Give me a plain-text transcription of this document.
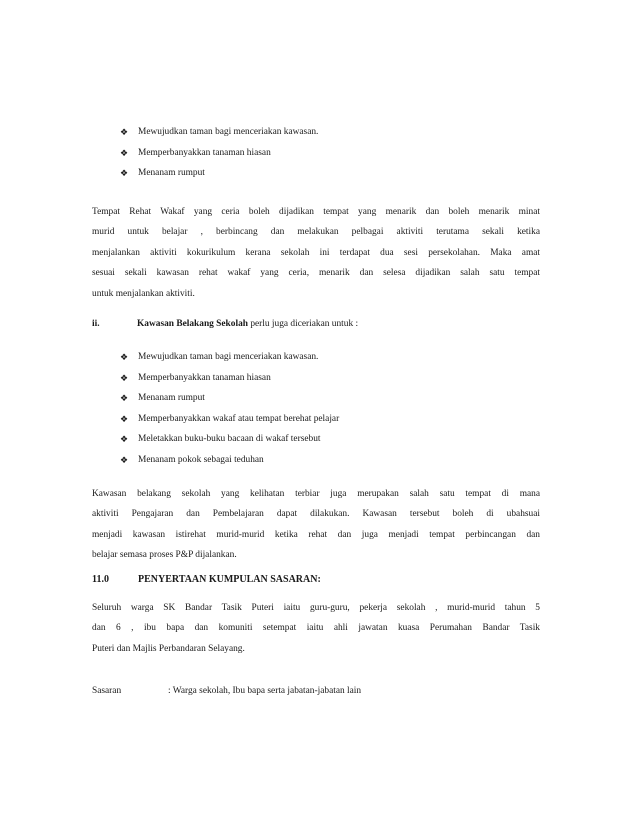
❖ Mewujudkan taman bagi menceriakan kawasan.
❖ Memperbanyakkan tanaman hiasan
❖ Menanam rumput
Tempat Rehat Wakaf yang ceria boleh dijadikan tempat yang menarik dan boleh menarik minat
murid untuk belajar , berbincang dan melakukan pelbagai aktiviti terutama sekali ketika
menjalankan aktiviti kokurikulum kerana sekolah ini terdapat dua sesi persekolahan. Maka amat
sesuai sekali kawasan rehat wakaf yang ceria, menarik dan selesa dijadikan salah satu tempat
untuk menjalankan aktiviti.
ii.	Kawasan Belakang Sekolah perlu juga diceriakan untuk :
❖ Mewujudkan taman bagi menceriakan kawasan.
❖ Memperbanyakkan tanaman hiasan
❖ Menanam rumput
❖ Memperbanyakkan wakaf atau tempat berehat pelajar
❖ Meletakkan buku-buku bacaan di wakaf tersebut
❖ Menanam pokok sebagai teduhan
Kawasan belakang sekolah yang kelihatan terbiar juga merupakan salah satu tempat di mana
aktiviti Pengajaran dan Pembelajaran dapat dilakukan. Kawasan tersebut boleh di ubahsuai
menjadi kawasan istirehat murid-murid ketika rehat dan juga menjadi tempat perbincangan dan
belajar semasa proses P&P dijalankan.
11.0	PENYERTAAN KUMPULAN SASARAN:
Seluruh warga SK Bandar Tasik Puteri iaitu guru-guru, pekerja sekolah , murid-murid tahun 5
dan 6 , ibu bapa dan komuniti setempat iaitu ahli jawatan kuasa Perumahan Bandar Tasik
Puteri dan Majlis Perbandaran Selayang.
Sasaran	: Warga sekolah, Ibu bapa serta jabatan-jabatan lain
